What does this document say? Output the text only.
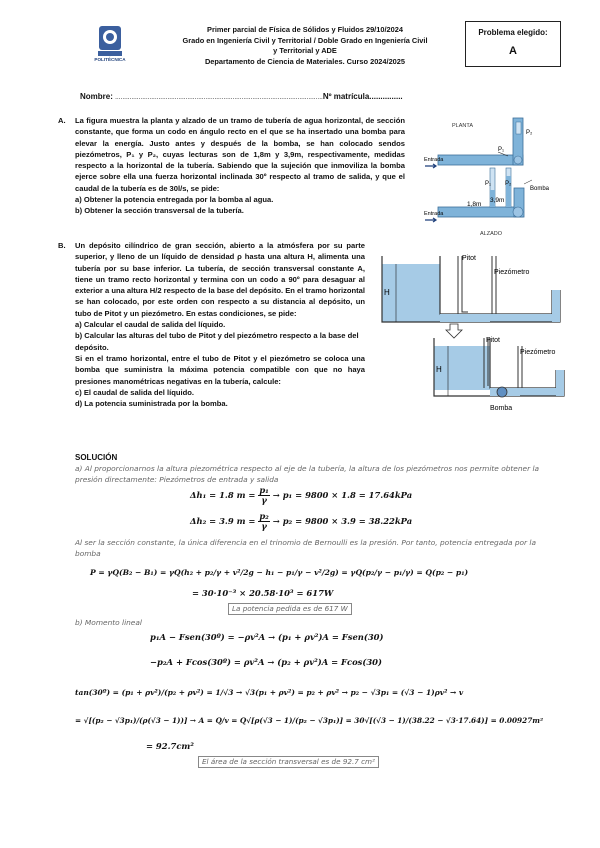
POLITÉCNICA
Primer parcial de Física de Sólidos y Fluidos 29/10/2024
Grado en Ingeniería Civil y Territorial / Doble Grado en Ingeniería Civil
y Territorial y ADE
Departamento de Ciencia de Materiales. Curso 2024/2025
Problema elegido:
A
Nombre: ...................................................................................................................Nº matrícula...............
A. La figura muestra la planta y alzado de un tramo de tubería de agua horizontal, de sección constante, que forma un codo en ángulo recto en el que se ha insertado una bomba para elevar la energía. Justo antes y después de la bomba, se han colocado sendos piezómetros, P₁ y P₂, cuyas lecturas son de 1,8m y 3,9m, respectivamente, medidas respecto a la horizontal de la tubería. Sabiendo que la sujeción que inmoviliza la bomba ejerce sobre ella una fuerza horizontal inclinada 30º respecto al tramo de salida, y que el caudal de la tubería es de 30l/s, se pide:
a) Obtener la potencia entregada por la bomba al agua.
b) Obtener la sección transversal de la tubería.
PLANTA
P₂
P₁
Entrada
P₁ P₂
1,8m
3,9m
Bomba
Entrada
ALZADO
B. Un depósito cilíndrico de gran sección, abierto a la atmósfera por su parte superior, y lleno de un líquido de densidad ρ hasta una altura H, alimenta una tubería por su base inferior. La tubería, de sección transversal constante A, tiene un tramo recto horizontal y termina con un codo a 90º para desaguar al exterior a una altura H/2 respecto de la base del depósito. En el tramo horizontal se han colocado, por este orden con respecto a su distancia al depósito, un tubo de Pitot y un piezómetro. En estas condiciones, se pide:
a) Calcular el caudal de salida del líquido.
b) Calcular las alturas del tubo de Pitot y del piezómetro respecto a la base del depósito.
Si en el tramo horizontal, entre el tubo de Pitot y el piezómetro se coloca una bomba que suministra la máxima potencia compatible con que no haya presiones manométricas negativas en la tubería, calcule:
c) El caudal de salida del líquido.
d) La potencia suministrada por la bomba.
H
Pitot
Piezómetro
H
Pitot
Piezómetro
Bomba
SOLUCIÓN
a) Al proporcionarnos la altura piezométrica respecto al eje de la tubería, la altura de los piezómetros nos permite obtener la presión directamente: Piezómetros de entrada y salida
Δh₁ = 1.8 $m = \frac{\text{p₁}}{\gamma} \to p_1 = 9800 \times 1.8 = 17.64kPa$
Δh₂ = 3.9 $m = \frac{\text{p₂}}{\gamma} \to p_2 = 9800 \times 3.9 = 38.22kPa$
Al ser la sección constante, la única diferencia en el trinomio de Bernoulli es la presión. Por tanto, potencia entregada por la bomba
P = γQ(B₂ − B₁) = γQ(h₂ + p₂/γ + v²/2g − h₁ − p₁/γ − v²/2g) = γQ(p₂/γ − p₁/γ) = Q(p₂ − p₁)
= 30·10⁻³ × 20.58·10³ = 617W
La potencia pedida es de 617 W
b) Momento lineal
p₁A − Fsen(30º) = −ρv²A → (p₁ + ρv²)A = Fsen(30)
−p₂A + Fcos(30º) = ρv²A → (p₂ + ρv²)A = Fcos(30)
tan(30º) = (p₁ + ρv²)/(p₂ + ρv²) = 1/√3 → √3(p₁ + ρv²) = p₂ + ρv² → p₂ − √3p₁ = (√3 − 1)ρv² → v
= √[(p₂ − √3p₁)/(ρ(√3 − 1))] → A = Q/v = Q√[ρ(√3 − 1)/(p₂ − √3p₁)] = 30√[(√3 − 1)/(38.22 − √3·17.64)] = 0.00927m²
= 92.7cm²
El área de la sección transversal es de 92.7 cm²
